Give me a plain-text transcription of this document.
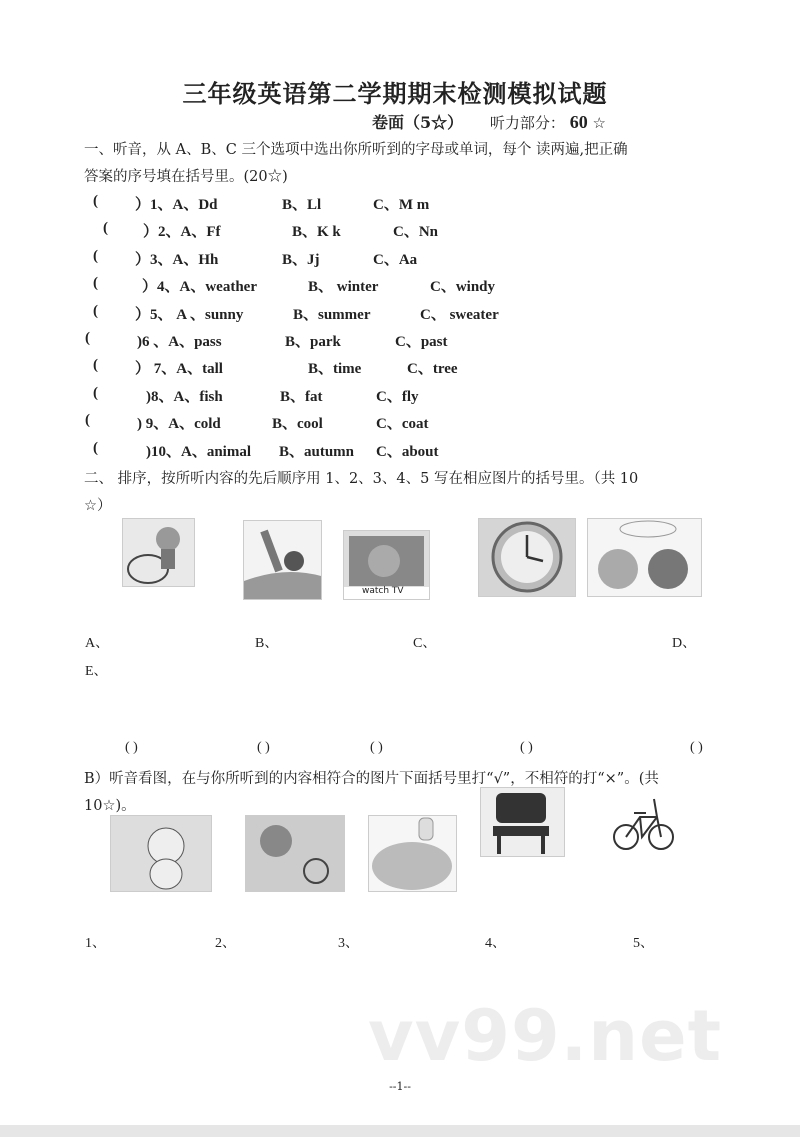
三年级英语第二学期期末检测模拟试题
卷面（5☆） 听力部分： 60 ☆
一、听音，从 A、B、C 三个选项中选出你所听到的字母或单词，每个 读两遍,把正确
答案的序号填在括号里。(20☆)
( ）1、A、Dd	B、Ll	C、M m
( ）2、A、Ff	B、K k	C、Nn
( ）3、A、Hh	B、Jj	C、Aa
(	）4、A、weather	B、 winter	C、windy
( ）5、 A 、sunny	B、summer	C、 sweater
(	)6 、A、pass	B、park	C、past
( ） 7、A、tall	B、time	C、tree
(	)8、A、fish	B、fat	C、fly
(	) 9、A、cold	B、cool	C、coat
(	)10、A、animal B、autumn C、about
二、 排序，按所听内容的先后顺序用 1、2、3、4、5 写在相应图片的括号里。（共 10
☆）
watch TV
A、	B、	C、	D、
E、
( )	( )	( )	( )	( )
B）听音看图，在与你所听到的内容相符合的图片下面括号里打“√”，不相符的打“×”。(共
10☆)。
1、	2、	3、	4、	5、
vv99.net
--1--
